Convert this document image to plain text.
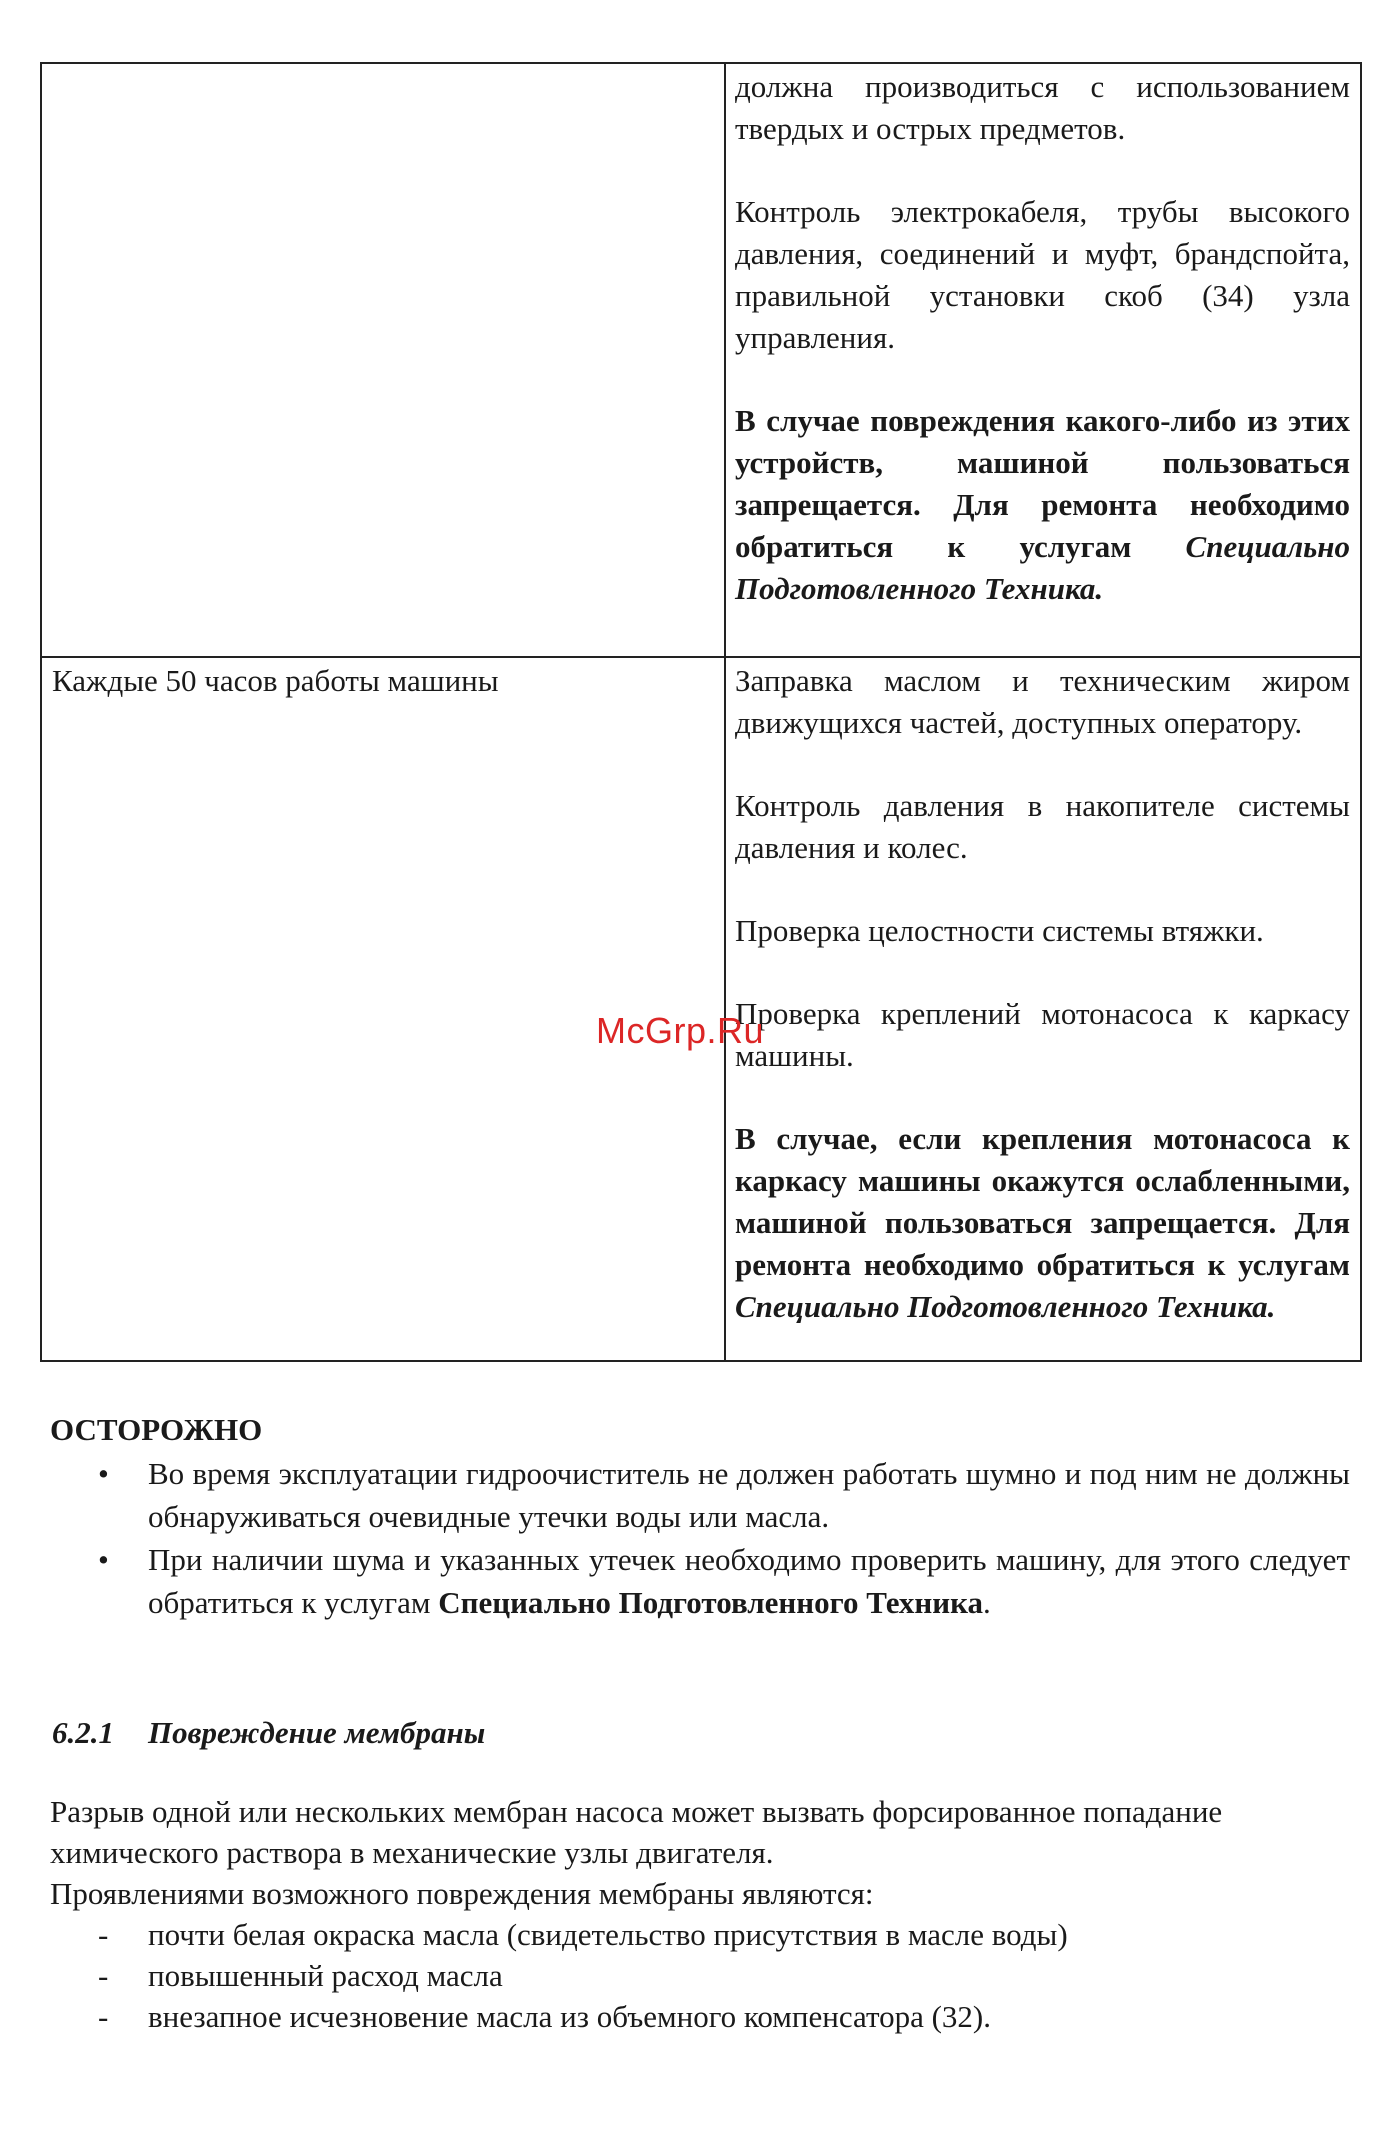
	должна производиться с использованием твердых и острых предметов.

Контроль электрокабеля, трубы высокого давления, соединений и муфт, брандспойта, правильной установки скоб (34) узла управления.

В случае повреждения какого-либо из этих устройств, машиной пользоваться запрещается. Для ремонта необходимо обратиться к услугам Специально Подготовленного Техника.

Каждые 50 часов работы машины	Заправка маслом и техническим жиром движущихся частей, доступных оператору.

Контроль давления в накопителе системы давления и колес.

Проверка целостности системы втяжки.

Проверка креплений мотонасоса к каркасу машины.

В случае, если крепления мотонасоса к каркасу машины окажутся ослабленными, машиной пользоваться запрещается. Для ремонта необходимо обратиться к услугам Специально Подготовленного Техника.

McGrp.Ru
ОСТОРОЖНО
• Во время эксплуатации гидроочиститель не должен работать шумно и под ним не должны обнаруживаться очевидные утечки воды или масла.
• При наличии шума и указанных утечек необходимо проверить машину, для этого следует обратиться к услугам Специально Подготовленного Техника.
6.2.1 Повреждение мембраны

Разрыв одной или нескольких мембран насоса может вызвать форсированное попадание химического раствора в механические узлы двигателя.

Проявлениями возможного повреждения мембраны являются:

- почти белая окраска масла (свидетельство присутствия в масле воды)
- повышенный расход масла
- внезапное исчезновение масла из объемного компенсатора (32).
